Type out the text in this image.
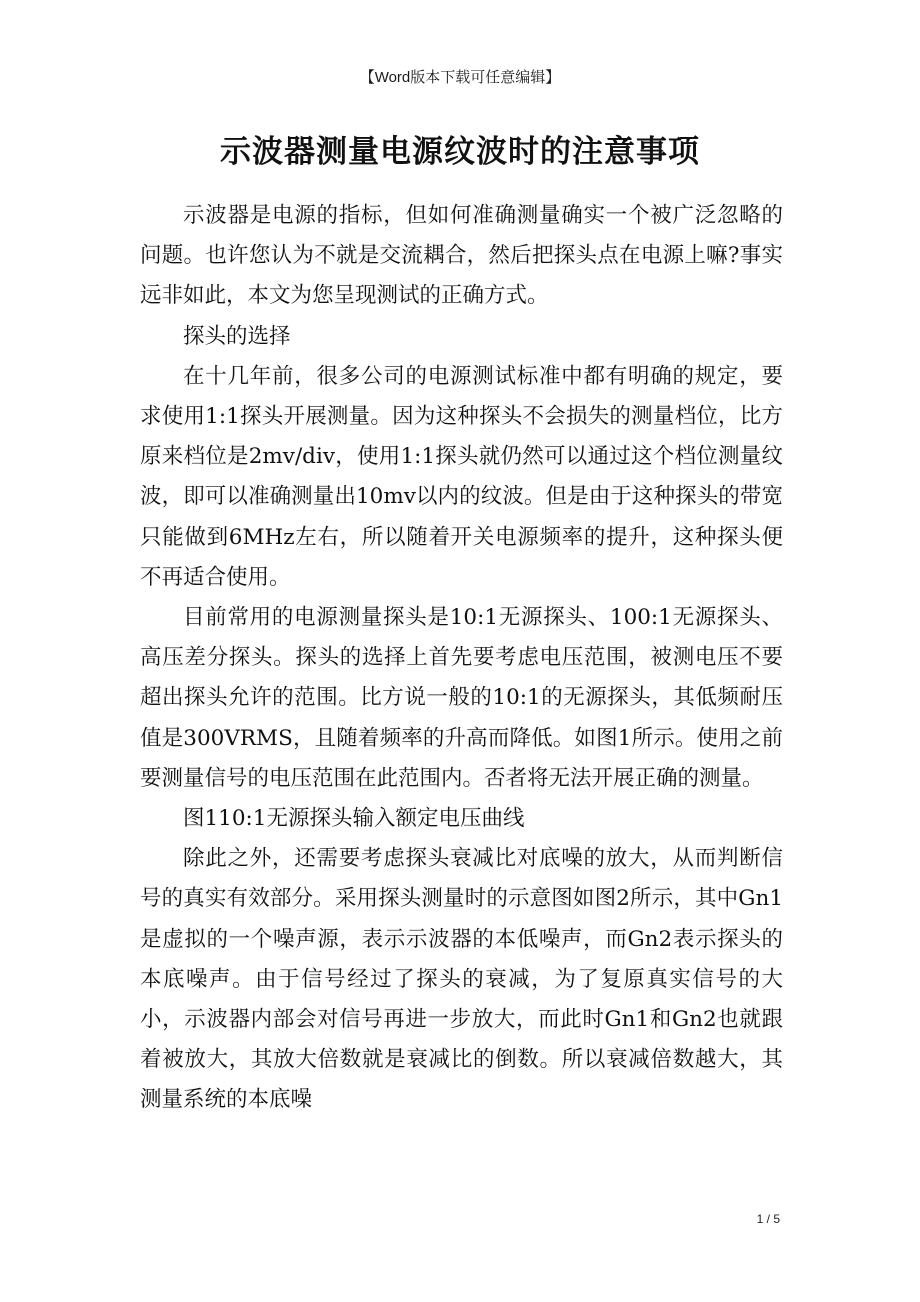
【Word版本下载可任意编辑】
示波器测量电源纹波时的注意事项

示波器是电源的指标，但如何准确测量确实一个被广泛忽略的问题。也许您认为不就是交流耦合，然后把探头点在电源上嘛?事实远非如此，本文为您呈现测试的正确方式。

探头的选择

在十几年前，很多公司的电源测试标准中都有明确的规定，要求使用1:1探头开展测量。因为这种探头不会损失的测量档位，比方原来档位是2mv/div，使用1:1探头就仍然可以通过这个档位测量纹波，即可以准确测量出10mv以内的纹波。但是由于这种探头的带宽只能做到6MHz左右，所以随着开关电源频率的提升，这种探头便不再适合使用。

目前常用的电源测量探头是10:1无源探头、100:1无源探头、高压差分探头。探头的选择上首先要考虑电压范围，被测电压不要超出探头允许的范围。比方说一般的10:1的无源探头，其低频耐压值是300VRMS，且随着频率的升高而降低。如图1所示。使用之前要测量信号的电压范围在此范围内。否者将无法开展正确的测量。

图110:1无源探头输入额定电压曲线

除此之外，还需要考虑探头衰减比对底噪的放大，从而判断信号的真实有效部分。采用探头测量时的示意图如图2所示，其中Gn1是虚拟的一个噪声源，表示示波器的本低噪声，而Gn2表示探头的本底噪声。由于信号经过了探头的衰减，为了复原真实信号的大小，示波器内部会对信号再进一步放大，而此时Gn1和Gn2也就跟着被放大，其放大倍数就是衰减比的倒数。所以衰减倍数越大，其测量系统的本底噪

1 / 5
